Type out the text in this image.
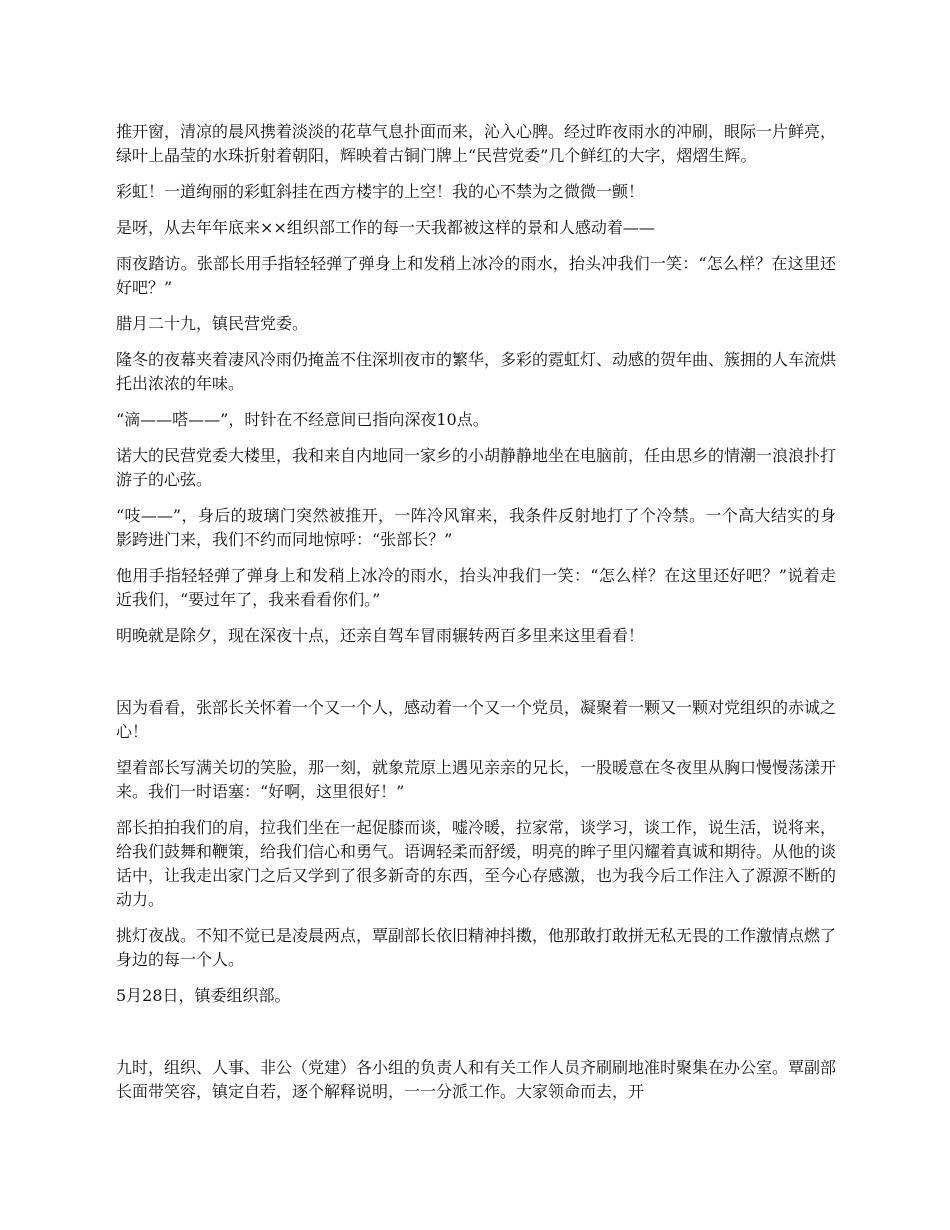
推开窗，清凉的晨风携着淡淡的花草气息扑面而来，沁入心脾。经过昨夜雨水的冲刷，眼际一片鲜亮，绿叶上晶莹的水珠折射着朝阳，辉映着古铜门牌上“民营党委”几个鲜红的大字，熠熠生辉。

彩虹！一道绚丽的彩虹斜挂在西方楼宇的上空！我的心不禁为之微微一颤！

是呀，从去年年底来××组织部工作的每一天我都被这样的景和人感动着——

雨夜踏访。张部长用手指轻轻弹了弹身上和发稍上冰冷的雨水，抬头冲我们一笑：“怎么样？在这里还好吧？”

腊月二十九，镇民营党委。

隆冬的夜幕夹着凄风冷雨仍掩盖不住深圳夜市的繁华，多彩的霓虹灯、动感的贺年曲、簇拥的人车流烘托出浓浓的年味。

“滴——嗒——”，时针在不经意间已指向深夜10点。

诺大的民营党委大楼里，我和来自内地同一家乡的小胡静静地坐在电脑前，任由思乡的情潮一浪浪扑打游子的心弦。

“吱——”，身后的玻璃门突然被推开，一阵冷风窜来，我条件反射地打了个冷禁。一个高大结实的身影跨进门来，我们不约而同地惊呼：“张部长？”

他用手指轻轻弹了弹身上和发稍上冰冷的雨水，抬头冲我们一笑：“怎么样？在这里还好吧？”说着走近我们，“要过年了，我来看看你们。”

明晚就是除夕，现在深夜十点，还亲自驾车冒雨辗转两百多里来这里看看！

因为看看，张部长关怀着一个又一个人，感动着一个又一个党员，凝聚着一颗又一颗对党组织的赤诚之心！

望着部长写满关切的笑脸，那一刻，就象荒原上遇见亲亲的兄长，一股暖意在冬夜里从胸口慢慢荡漾开来。我们一时语塞：“好啊，这里很好！”

部长拍拍我们的肩，拉我们坐在一起促膝而谈，嘘冷暖，拉家常，谈学习，谈工作，说生活，说将来，给我们鼓舞和鞭策，给我们信心和勇气。语调轻柔而舒缓，明亮的眸子里闪耀着真诚和期待。从他的谈话中，让我走出家门之后又学到了很多新奇的东西，至今心存感激，也为我今后工作注入了源源不断的动力。

挑灯夜战。不知不觉已是凌晨两点，覃副部长依旧精神抖擞，他那敢打敢拼无私无畏的工作激情点燃了身边的每一个人。

5月28日，镇委组织部。

九时，组织、人事、非公（党建）各小组的负责人和有关工作人员齐刷刷地准时聚集在办公室。覃副部长面带笑容，镇定自若，逐个解释说明，一一分派工作。大家领命而去，开
